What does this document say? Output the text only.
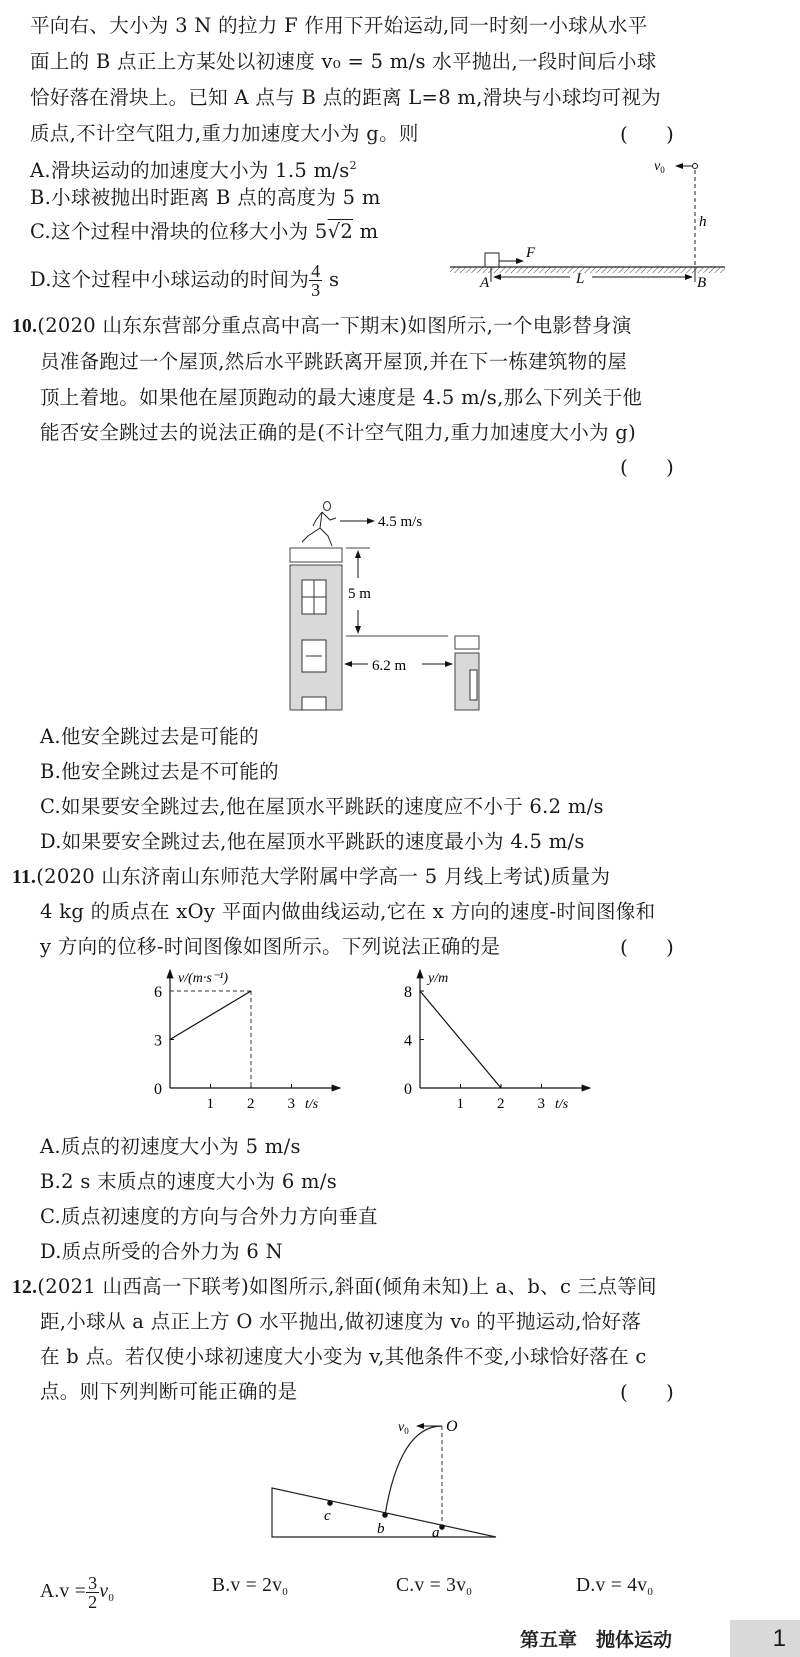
平向右、大小为 3 N 的拉力 F 作用下开始运动,同一时刻一小球从水平
面上的 B 点正上方某处以初速度 v₀ = 5 m/s 水平抛出,一段时间后小球
恰好落在滑块上。已知 A 点与 B 点的距离 L=8 m,滑块与小球均可视为
质点,不计空气阻力,重力加速度大小为 g。则	(      )
A.滑块运动的加速度大小为 1.5 $m/s^2$
B.小球被抛出时距离 B 点的高度为 5 m
C.这个过程中滑块的位移大小为 5√2 m
D.这个过程中小球运动的时间为 $\frac{4}{3}$ s
F
$v_0$
h
L
A	B
10.(2020 山东东营部分重点高中高一下期末)如图所示,一个电影替身演
员准备跑过一个屋顶,然后水平跳跃离开屋顶,并在下一栋建筑物的屋
顶上着地。如果他在屋顶跑动的最大速度是 4.5 m/s,那么下列关于他
能否安全跳过去的说法正确的是(不计空气阻力,重力加速度大小为 g)
(      )
4.5 m/s
5 m
6.2 m
A.他安全跳过去是可能的
B.他安全跳过去是不可能的
C.如果要安全跳过去,他在屋顶水平跳跃的速度应不小于 6.2 m/s
D.如果要安全跳过去,他在屋顶水平跳跃的速度最小为 4.5 m/s
11.(2020 山东济南山东师范大学附属中学高一 5 月线上考试)质量为
4 kg 的质点在 xOy 平面内做曲线运动,它在 x 方向的速度-时间图像和
y 方向的位移-时间图像如图所示。下列说法正确的是	(      )
v/(m·s⁻¹)
t/s
0
1 2 3
3
6
y/m
t/s
0
1 2 3
4
8
A.质点的初速度大小为 5 m/s
B.2 s 末质点的速度大小为 6 m/s
C.质点初速度的方向与合外力方向垂直
D.质点所受的合外力为 6 N
12.(2021 山西高一下联考)如图所示,斜面(倾角未知)上 a、b、c 三点等间
距,小球从 a 点正上方 O 水平抛出,做初速度为 v₀ 的平抛运动,恰好落
在 b 点。若仅使小球初速度大小变为 v,其他条件不变,小球恰好落在 c
点。则下列判断可能正确的是	(      )
$v_0$ O
c
b	a
$A.v = \frac{3}{2} v_0$
$B.v = 2v_0$	$C.v = 3v_0$	$D.v = 4v_0$
第五章　抛体运动	1
